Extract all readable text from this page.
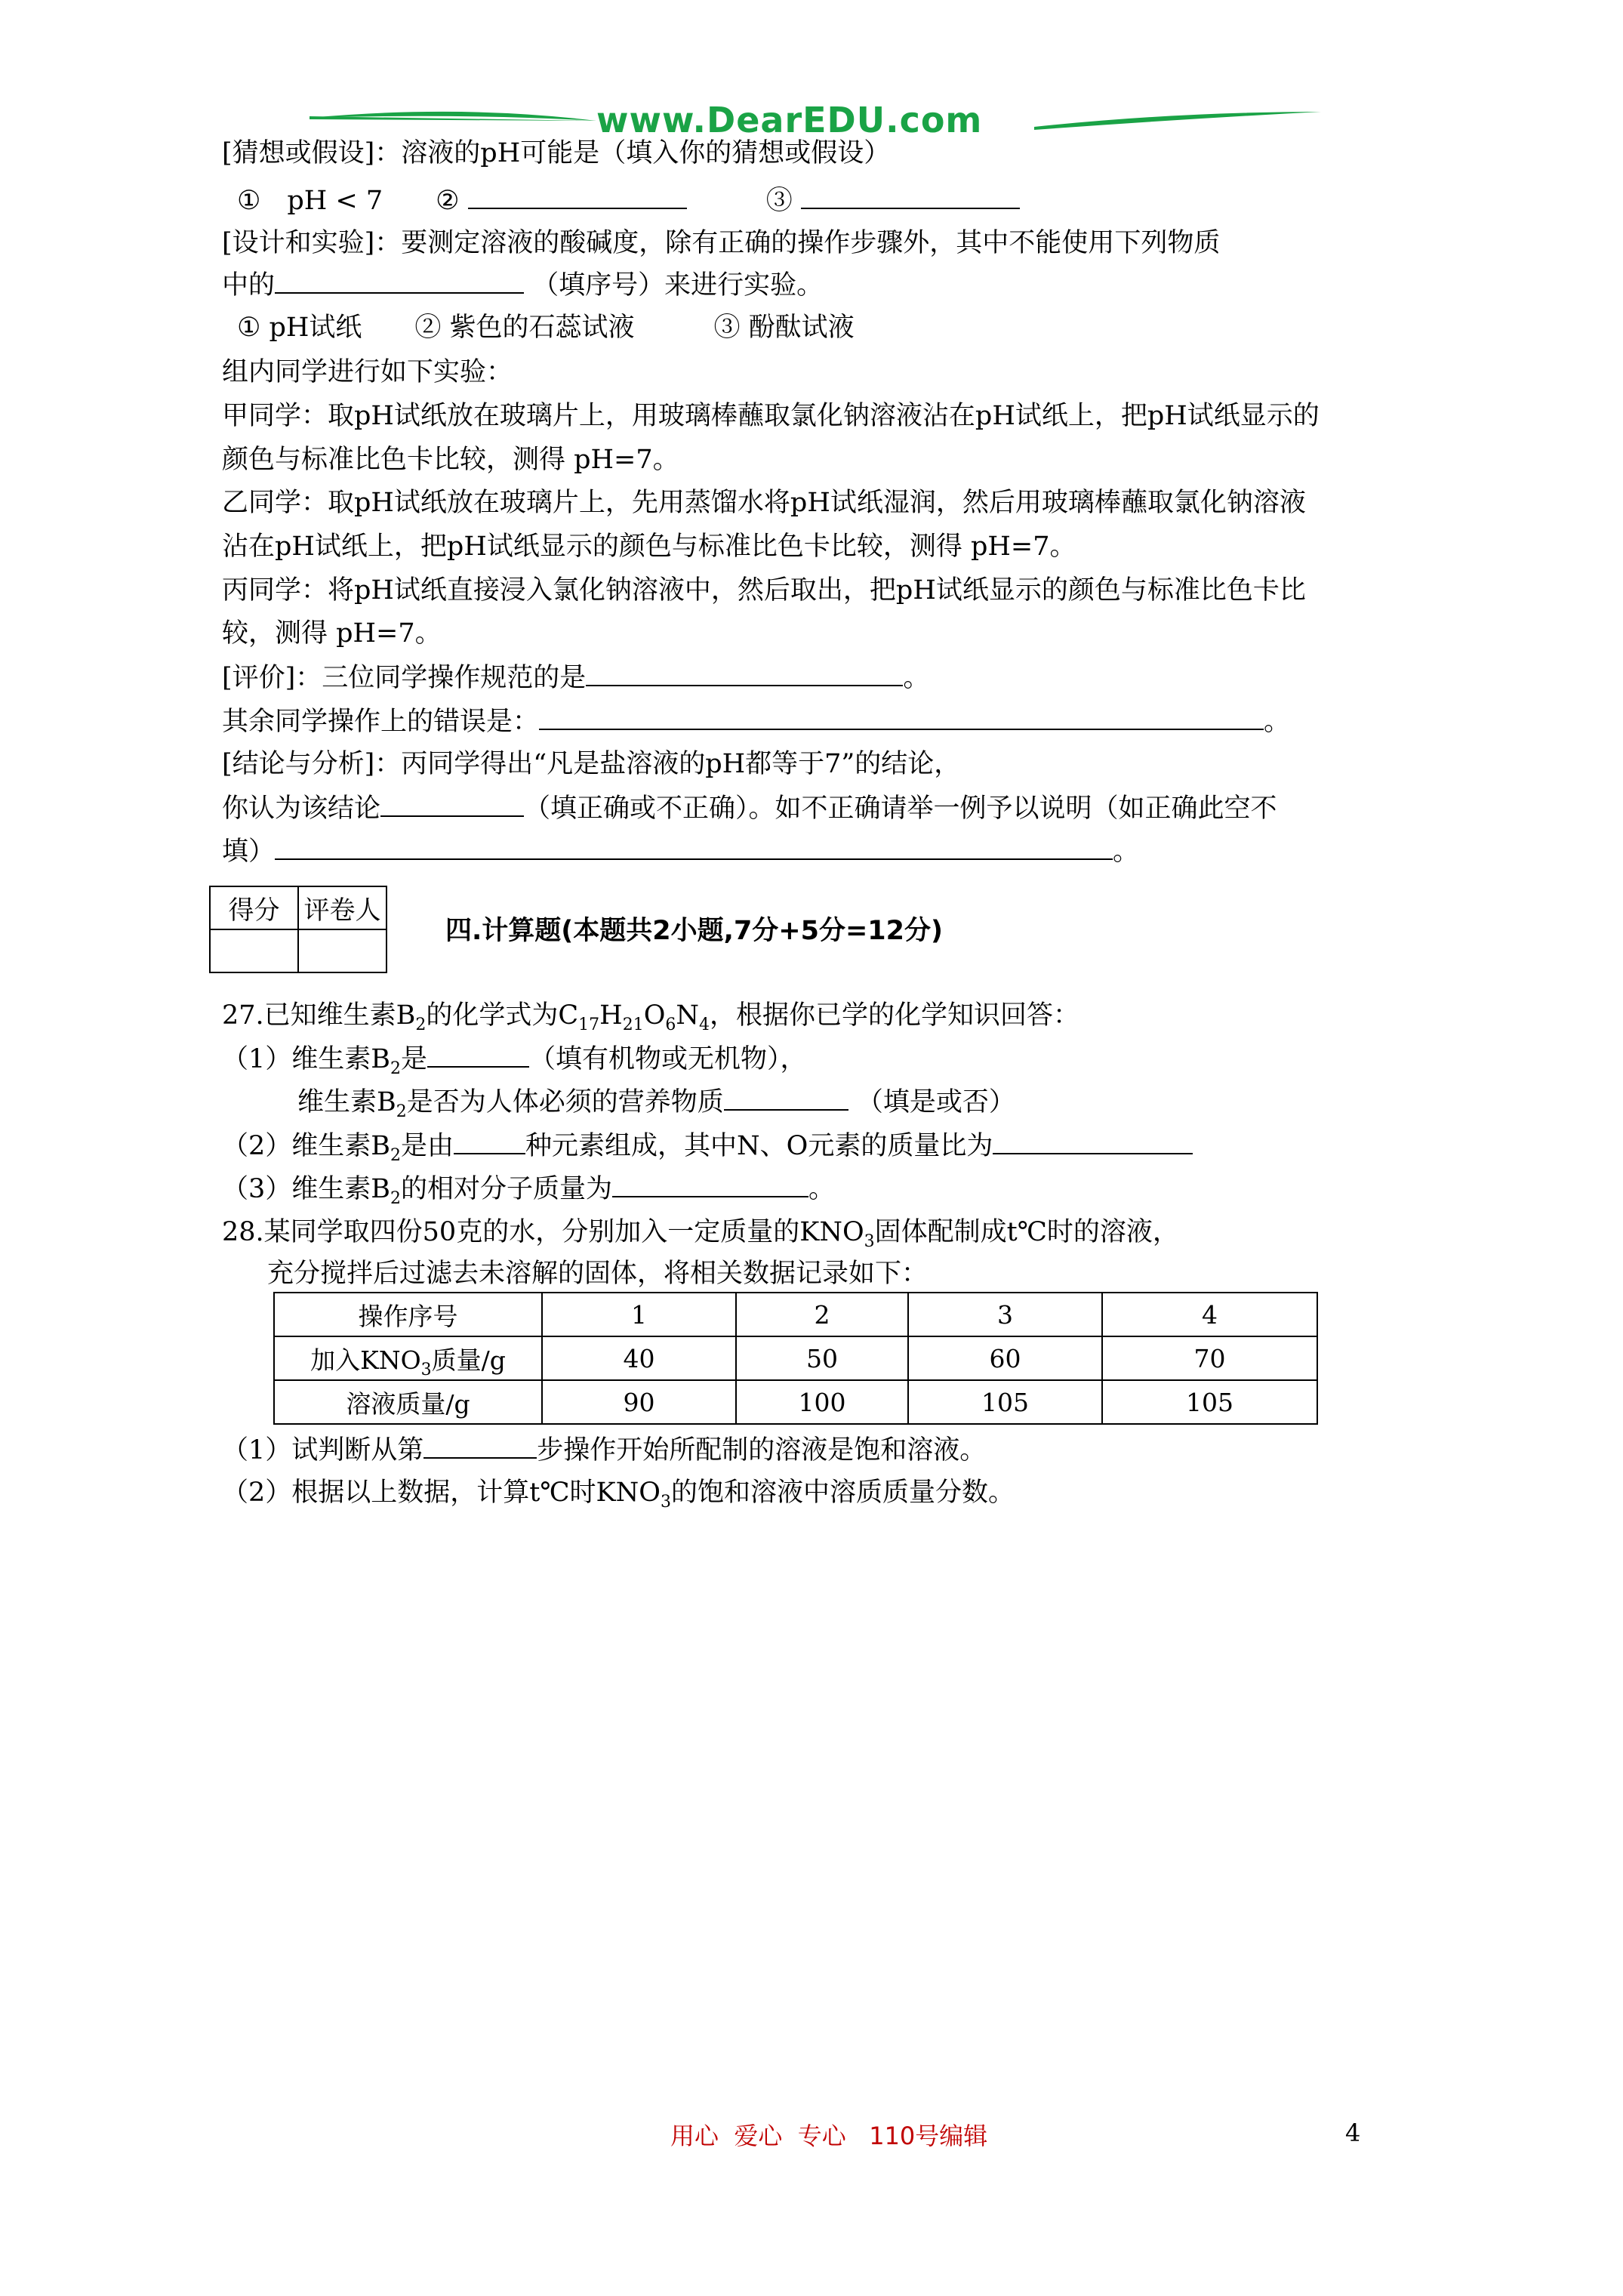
www.DearEDU.com
[猜想或假设]：溶液的pH可能是（填入你的猜想或假设）
①　pH < 7　　② 　　　	③
[设计和实验]：要测定溶液的酸碱度，除有正确的操作步骤外，其中不能使用下列物质
中的	（填序号）来进行实验。
① pH试纸　　② 紫色的石蕊试液　　　③ 酚酞试液
组内同学进行如下实验：
甲同学：取pH试纸放在玻璃片上，用玻璃棒蘸取氯化钠溶液沾在pH试纸上，把pH试纸显示的
颜色与标准比色卡比较，测得 pH=7。
乙同学：取pH试纸放在玻璃片上，先用蒸馏水将pH试纸湿润，然后用玻璃棒蘸取氯化钠溶液
沾在pH试纸上，把pH试纸显示的颜色与标准比色卡比较，测得 pH=7。
丙同学：将pH试纸直接浸入氯化钠溶液中，然后取出，把pH试纸显示的颜色与标准比色卡比
较，测得 pH=7。
[评价]：三位同学操作规范的是	。
其余同学操作上的错误是：	。
[结论与分析]：丙同学得出“凡是盐溶液的pH都等于7”的结论，
你认为该结论	（填正确或不正确）。如不正确请举一例予以说明（如正确此空不
填）	。
得分	评卷人

四.计算题(本题共2小题,7分+5分=12分)
27.已知维生素$B_2$的化学式为$C_{17}H_{21}O_6N_4$，根据你已学的化学知识回答：
（1）维生素$B_2$是	（填有机物或无机物），
维生素$B_2$是否为人体必须的营养物质	（填是或否）
（2）维生素$B_2$是由	种元素组成，其中N、O元素的质量比为
（3）维生素$B_2$的相对分子质量为	。
28.某同学取四份50克的水，分别加入一定质量的$KNO_3$固体配制成t℃时的溶液，
充分搅拌后过滤去未溶解的固体，将相关数据记录如下：
操作序号	1	2	3	4
加入$KNO_3$质量/g	40	50	60	70
溶液质量/g	90	100	105	105
（1）试判断从第	步操作开始所配制的溶液是饱和溶液。
（2）根据以上数据，计算t℃时$KNO_3$的饱和溶液中溶质质量分数。
用心  爱心  专心   110号编辑	4
